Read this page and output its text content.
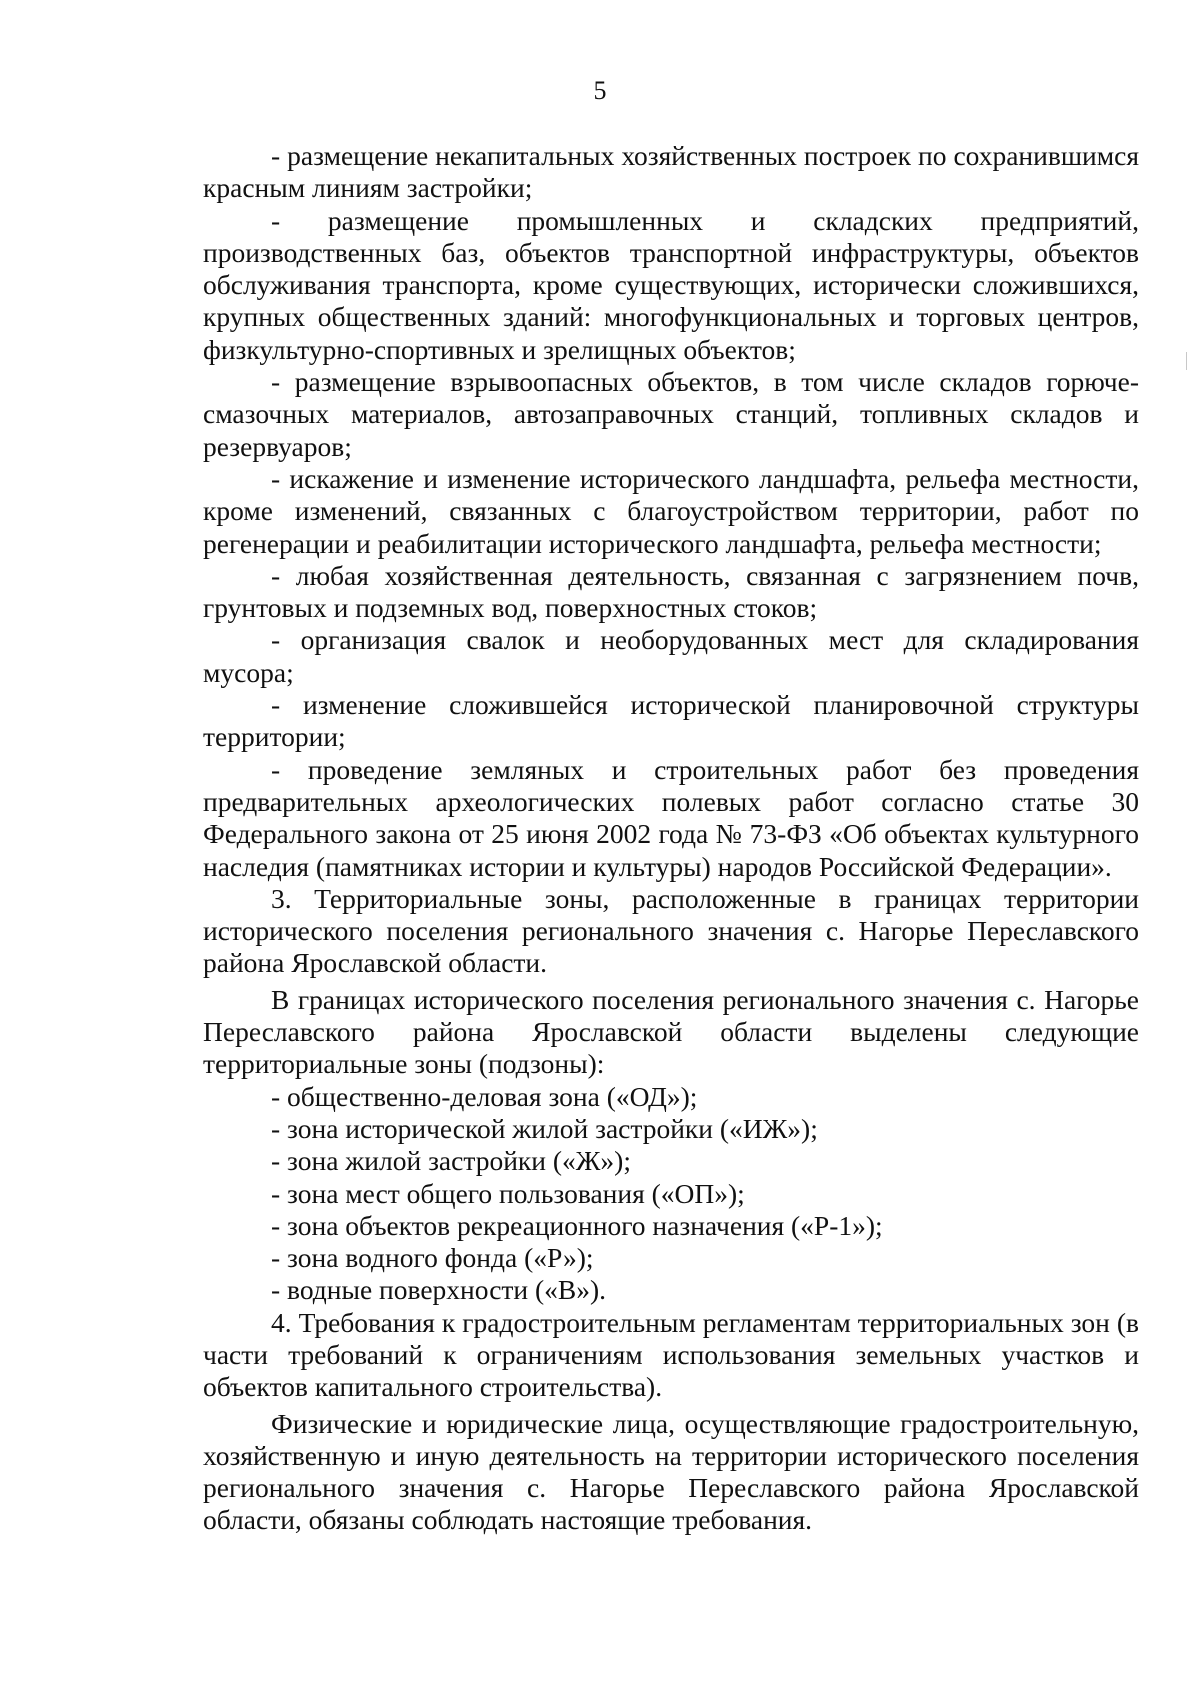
5

- размещение некапитальных хозяйственных построек по сохранившимся красным линиям застройки;

- размещение промышленных и складских предприятий, производственных баз, объектов транспортной инфраструктуры, объектов обслуживания транспорта, кроме существующих, исторически сложившихся, крупных общественных зданий: многофункциональных и торговых центров, физкультурно-спортивных и зрелищных объектов;

- размещение взрывоопасных объектов, в том числе складов горюче-смазочных материалов, автозаправочных станций, топливных складов и резервуаров;

- искажение и изменение исторического ландшафта, рельефа местности, кроме изменений, связанных с благоустройством территории, работ по регенерации и реабилитации исторического ландшафта, рельефа местности;

- любая хозяйственная деятельность, связанная с загрязнением почв, грунтовых и подземных вод, поверхностных стоков;

- организация свалок и необорудованных мест для складирования мусора;

- изменение сложившейся исторической планировочной структуры территории;

- проведение земляных и строительных работ без проведения предварительных археологических полевых работ согласно статье 30 Федерального закона от 25 июня 2002 года № 73-ФЗ «Об объектах культурного наследия (памятниках истории и культуры) народов Российской Федерации».

3. Территориальные зоны, расположенные в границах территории исторического поселения регионального значения с. Нагорье Переславского района Ярославской области.

В границах исторического поселения регионального значения с. Нагорье Переславского района Ярославской области выделены следующие территориальные зоны (подзоны):

- общественно-деловая зона («ОД»);

- зона исторической жилой застройки («ИЖ»);

- зона жилой застройки («Ж»);

- зона мест общего пользования («ОП»);

- зона объектов рекреационного назначения («Р-1»);

- зона водного фонда («Р»);

- водные поверхности («В»).

4. Требования к градостроительным регламентам территориальных зон (в части требований к ограничениям использования земельных участков и объектов капитального строительства).

Физические и юридические лица, осуществляющие градостроительную, хозяйственную и иную деятельность на территории исторического поселения регионального значения с. Нагорье Переславского района Ярославской области, обязаны соблюдать настоящие требования.
